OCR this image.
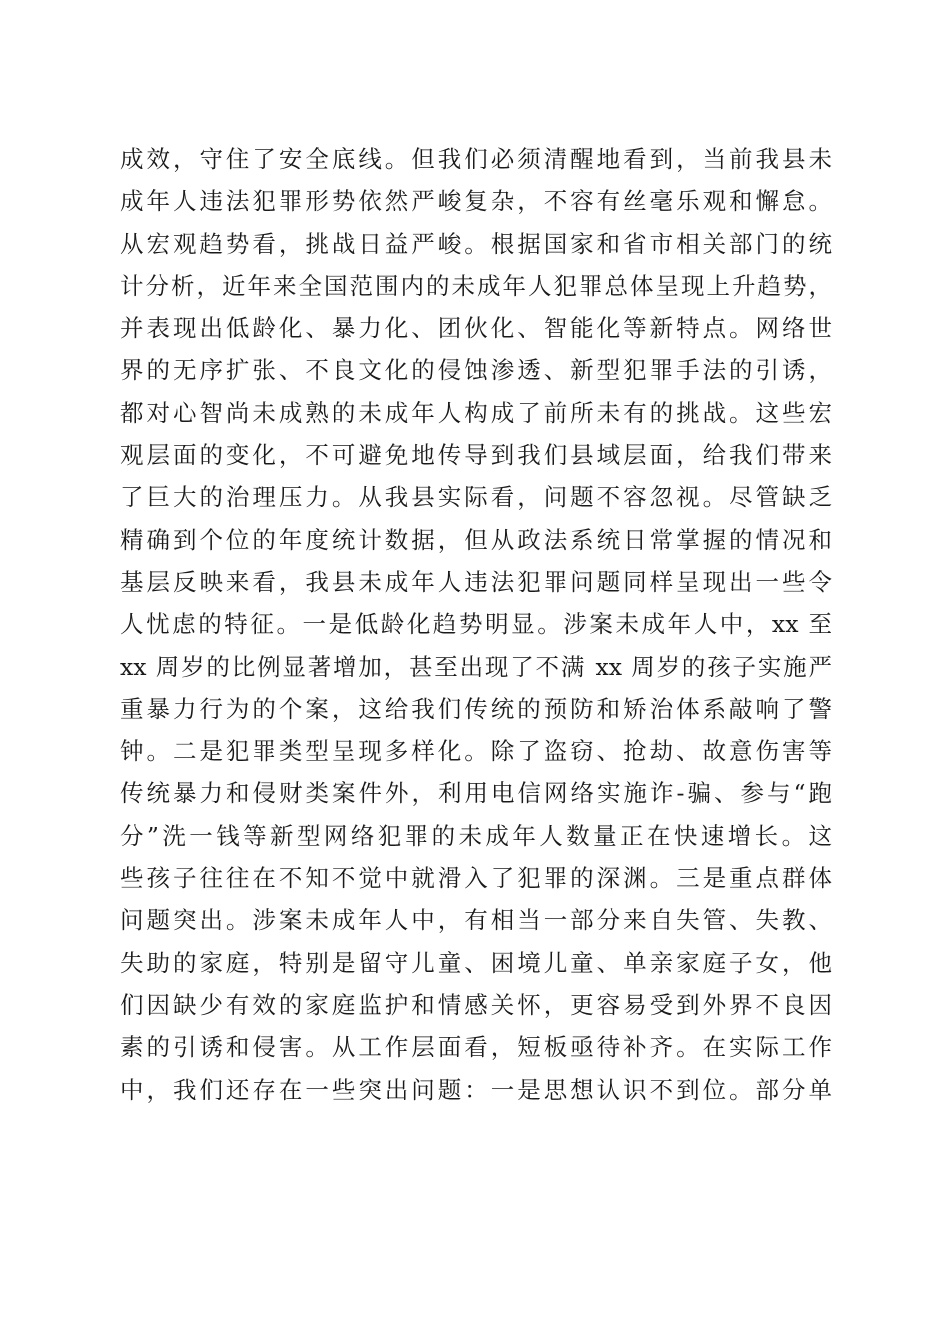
成效，守住了安全底线。但我们必须清醒地看到，当前我县未
成年人违法犯罪形势依然严峻复杂，不容有丝毫乐观和懈怠。
从宏观趋势看，挑战日益严峻。根据国家和省市相关部门的统
计分析，近年来全国范围内的未成年人犯罪总体呈现上升趋势，
并表现出低龄化、暴力化、团伙化、智能化等新特点。网络世
界的无序扩张、不良文化的侵蚀渗透、新型犯罪手法的引诱，
都对心智尚未成熟的未成年人构成了前所未有的挑战。这些宏
观层面的变化，不可避免地传导到我们县域层面，给我们带来
了巨大的治理压力。从我县实际看，问题不容忽视。尽管缺乏
精确到个位的年度统计数据，但从政法系统日常掌握的情况和
基层反映来看，我县未成年人违法犯罪问题同样呈现出一些令
人忧虑的特征。一是低龄化趋势明显。涉案未成年人中，xx 至
xx 周岁的比例显著增加，甚至出现了不满 xx 周岁的孩子实施严
重暴力行为的个案，这给我们传统的预防和矫治体系敲响了警
钟。二是犯罪类型呈现多样化。除了盗窃、抢劫、故意伤害等
传统暴力和侵财类案件外，利用电信网络实施诈-骗、参与“跑
分”洗一钱等新型网络犯罪的未成年人数量正在快速增长。这
些孩子往往在不知不觉中就滑入了犯罪的深渊。三是重点群体
问题突出。涉案未成年人中，有相当一部分来自失管、失教、
失助的家庭，特别是留守儿童、困境儿童、单亲家庭子女，他
们因缺少有效的家庭监护和情感关怀，更容易受到外界不良因
素的引诱和侵害。从工作层面看，短板亟待补齐。在实际工作
中，我们还存在一些突出问题：一是思想认识不到位。部分单
